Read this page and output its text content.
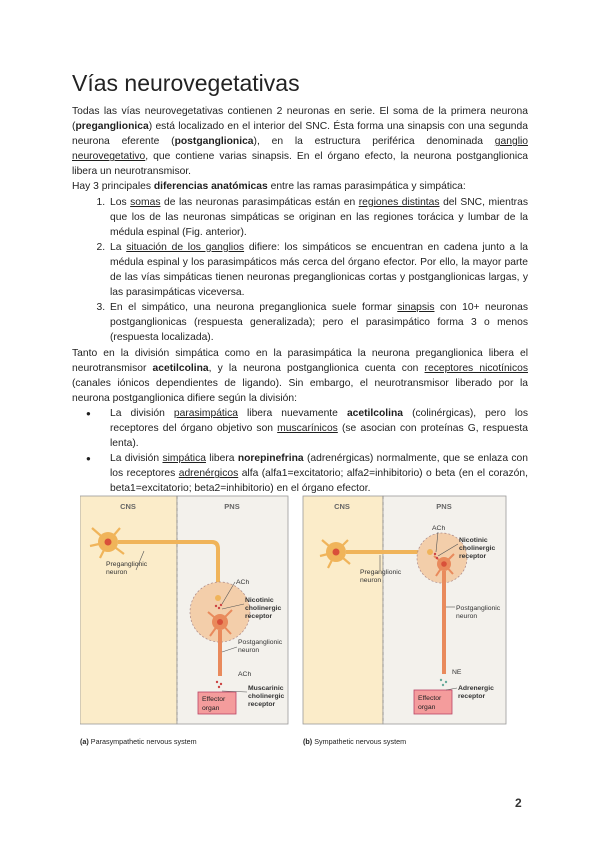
Vías neurovegetativas

Todas las vías neurovegetativas contienen 2 neuronas en serie. El soma de la primera neurona (preganglionica) está localizado en el interior del SNC. Ésta forma una sinapsis con una segunda neurona eferente (postganglionica), en la estructura periférica denominada ganglio neurovegetativo, que contiene varias sinapsis. En el órgano efecto, la neurona postganglionica libera un neurotransmisor.

Hay 3 principales diferencias anatómicas entre las ramas parasimpática y simpática:

1. Los somas de las neuronas parasimpáticas están en regiones distintas del SNC, mientras que los de las neuronas simpáticas se originan en las regiones torácica y lumbar de la médula espinal (Fig. anterior).
2. La situación de los ganglios difiere: los simpáticos se encuentran en cadena junto a la médula espinal y los parasimpáticos más cerca del órgano efector. Por ello, la mayor parte de las vías simpáticas tienen neuronas preganglionicas cortas y postganglionicas largas, y las parasimpáticas viceversa.
3. En el simpático, una neurona preganglionica suele formar sinapsis con 10+ neuronas postganglionicas (respuesta generalizada); pero el parasimpático forma 3 o menos (respuesta localizada).

Tanto en la división simpática como en la parasimpática la neurona preganglionica libera el neurotransmisor acetilcolina, y la neurona postganglionica cuenta con receptores nicotínicos (canales iónicos dependientes de ligando). Sin embargo, el neurotransmisor liberado por la neurona postganglionica difiere según la división:

● La división parasimpática libera nuevamente acetilcolina (colinérgicas), pero los receptores del órgano objetivo son muscarínicos (se asocian con proteínas G, respuesta lenta).
● La división simpática libera norepinefrina (adrenérgicas) normalmente, que se enlaza con los receptores adrenérgicos alfa (alfa1=excitatorio; alfa2=inhibitorio) o beta (en el corazón, beta1=excitatorio; beta2=inhibitorio) en el órgano efector.
CNS	PNS
Preganglionic
neuron
ACh
Nicotinic
cholinergic
receptor
Postganglionic
neuron
ACh
Effector
organ
Muscarinic
cholinergic
receptor
(a) Parasympathetic nervous system
CNS	PNS
Preganglionic
neuron
ACh
Nicotinic
cholinergic
receptor
Postganglionic
neuron
NE
Effector
organ
Adrenergic
receptor
(b) Sympathetic nervous system
2
